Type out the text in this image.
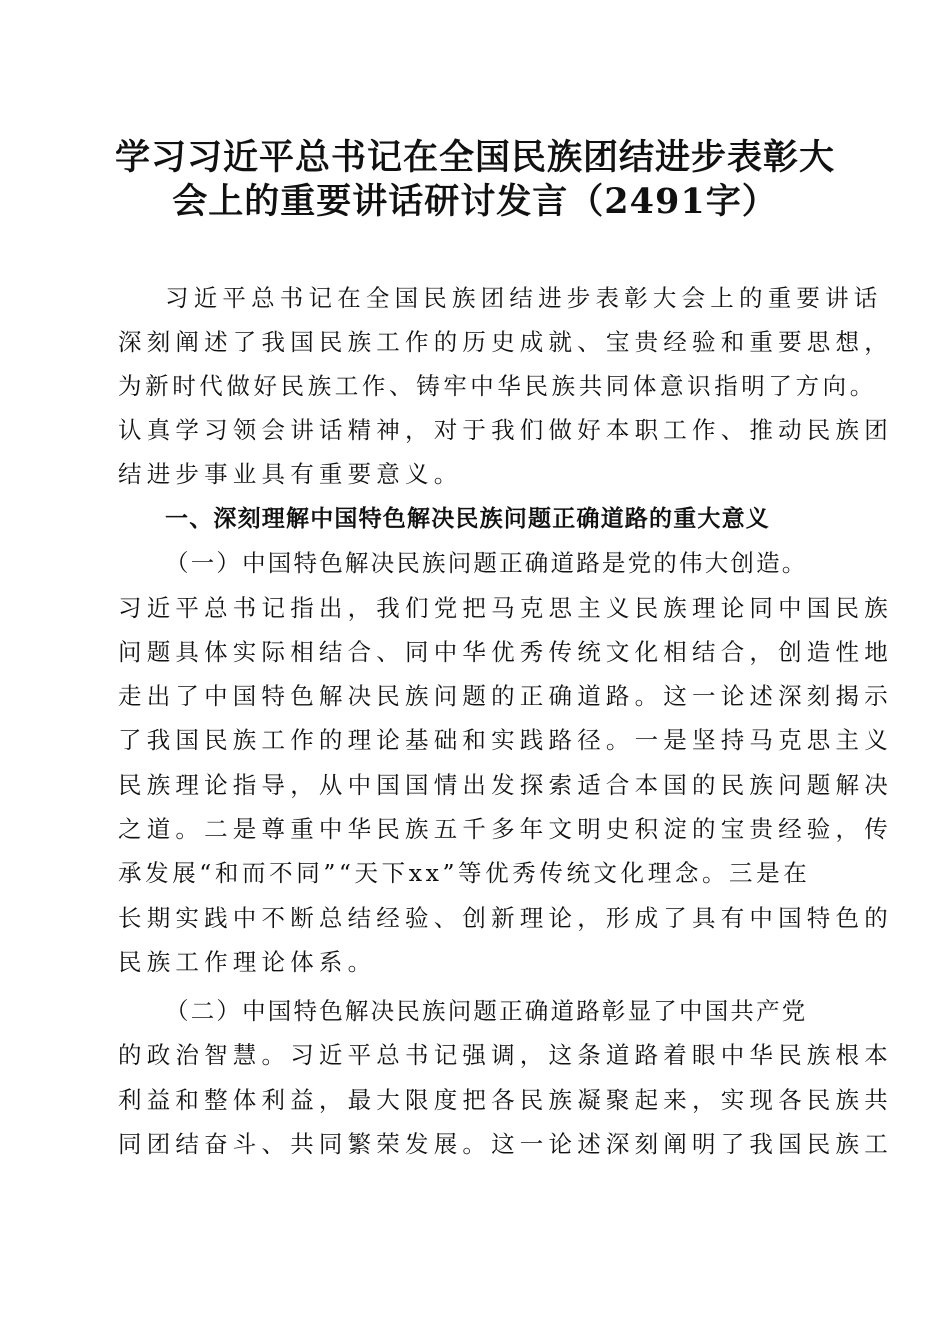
学习习近平总书记在全国民族团结进步表彰大
会上的重要讲话研讨发言（2491字）
习近平总书记在全国民族团结进步表彰大会上的重要讲话
深刻阐述了我国民族工作的历史成就、宝贵经验和重要思想，
为新时代做好民族工作、铸牢中华民族共同体意识指明了方向。
认真学习领会讲话精神，对于我们做好本职工作、推动民族团
结进步事业具有重要意义。
一、深刻理解中国特色解决民族问题正确道路的重大意义
（一）中国特色解决民族问题正确道路是党的伟大创造。
习近平总书记指出，我们党把马克思主义民族理论同中国民族
问题具体实际相结合、同中华优秀传统文化相结合，创造性地
走出了中国特色解决民族问题的正确道路。这一论述深刻揭示
了我国民族工作的理论基础和实践路径。一是坚持马克思主义
民族理论指导，从中国国情出发探索适合本国的民族问题解决
之道。二是尊重中华民族五千多年文明史积淀的宝贵经验，传
承发展“和而不同”“天下xx”等优秀传统文化理念。三是在
长期实践中不断总结经验、创新理论，形成了具有中国特色的
民族工作理论体系。
（二）中国特色解决民族问题正确道路彰显了中国共产党
的政治智慧。习近平总书记强调，这条道路着眼中华民族根本
利益和整体利益，最大限度把各民族凝聚起来，实现各民族共
同团结奋斗、共同繁荣发展。这一论述深刻阐明了我国民族工
